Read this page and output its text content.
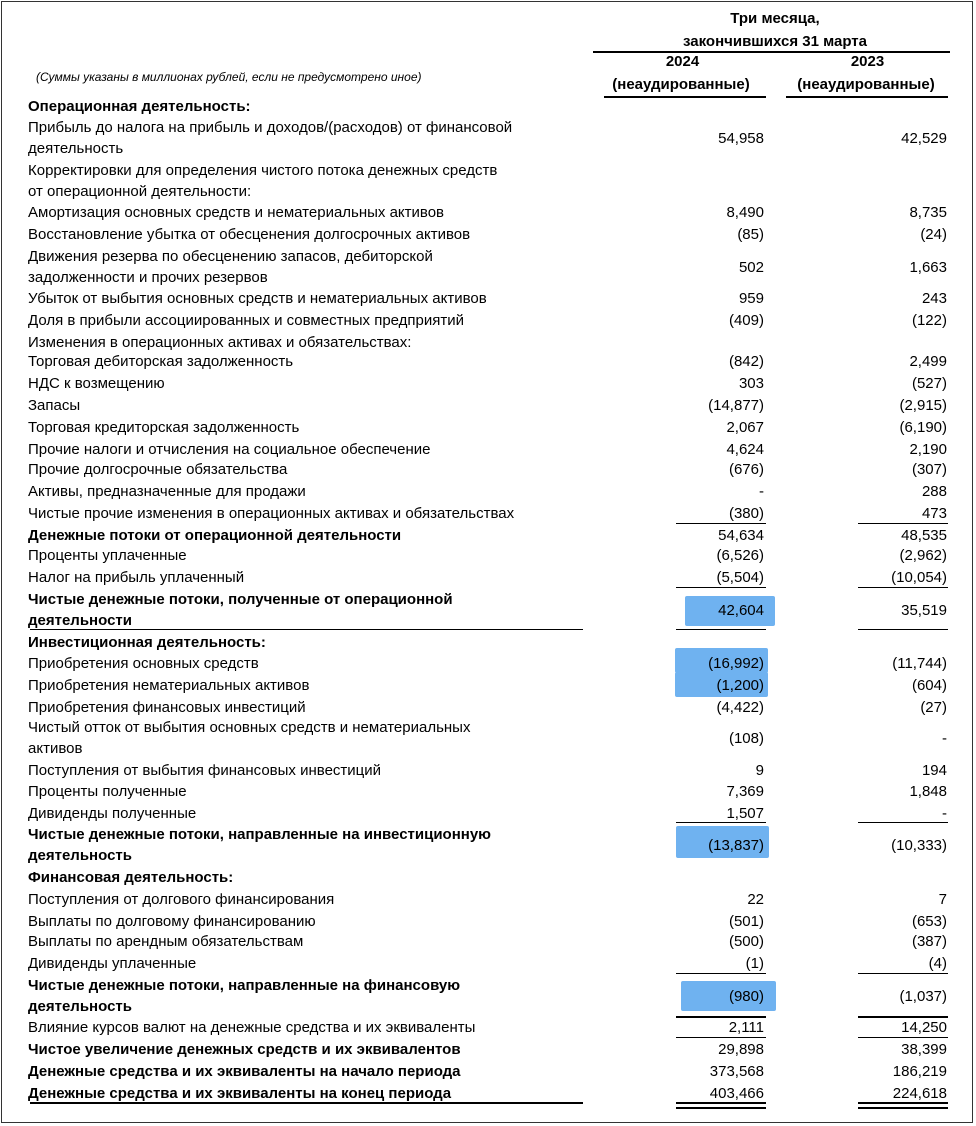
Три месяца,
закончившихся 31 марта
2024	2023
(неаудированные)	(неаудированные)
(Суммы указаны в миллионах рублей, если не предусмотрено иное)
Операционная деятельность:
Прибыль до налога на прибыль и доходов/(расходов) от финансовой
деятельность
54,958	42,529
Корректировки для определения чистого потока денежных средств
от операционной деятельности:
Амортизация основных средств и нематериальных активов	8,490	8,735
Восстановление убытка от обесценения долгосрочных активов	(85)	(24)
Движения резерва по обесценению запасов, дебиторской
задолженности и прочих резервов
502	1,663
Убыток от выбытия основных средств и нематериальных активов	959	243
Доля в прибыли ассоциированных и совместных предприятий	(409)	(122)
Изменения в операционных активах и обязательствах:
Торговая дебиторская задолженность	(842)	2,499
НДС к возмещению	303	(527)
Запасы	(14,877)	(2,915)
Торговая кредиторская задолженность	2,067	(6,190)
Прочие налоги и отчисления на социальное обеспечение	4,624	2,190
Прочие долгосрочные обязательства	(676)	(307)
Активы, предназначенные для продажи	-	288
Чистые прочие изменения в операционных активах и обязательствах	(380)	473
Денежные потоки от операционной деятельности	54,634	48,535
Проценты уплаченные	(6,526)	(2,962)
Налог на прибыль уплаченный	(5,504)	(10,054)
Чистые денежные потоки, полученные от операционной
деятельности
42,604	35,519
Инвестиционная деятельность:
Приобретения основных средств	(16,992)	(11,744)
Приобретения нематериальных активов	(1,200)	(604)
Приобретения финансовых инвестиций	(4,422)	(27)
Чистый отток от выбытия основных средств и нематериальных
активов
(108)	-
Поступления от выбытия финансовых инвестиций	9	194
Проценты полученные	7,369	1,848
Дивиденды полученные	1,507	-
Чистые денежные потоки, направленные на инвестиционную
деятельность
(13,837)	(10,333)
Финансовая деятельность:
Поступления от долгового финансирования	22	7
Выплаты по долговому финансированию	(501)	(653)
Выплаты по арендным обязательствам	(500)	(387)
Дивиденды уплаченные	(1)	(4)
Чистые денежные потоки, направленные на финансовую
деятельность
(980)	(1,037)
Влияние курсов валют на денежные средства и их эквиваленты	2,111	14,250
Чистое увеличение денежных средств и их эквивалентов	29,898	38,399
Денежные средства и их эквиваленты на начало периода	373,568	186,219
Денежные средства и их эквиваленты на конец периода	403,466	224,618
